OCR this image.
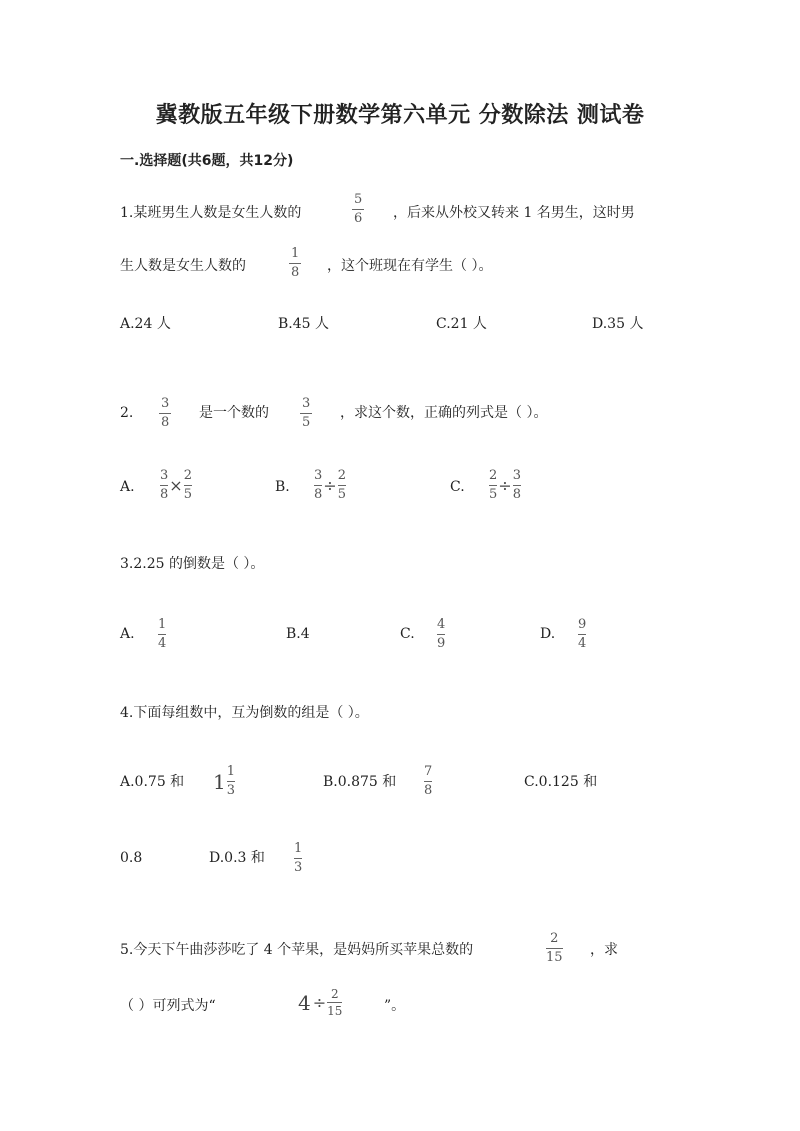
冀教版五年级下册数学第六单元 分数除法 测试卷
一.选择题(共6题，共12分)
1.某班男生人数是女生人数的	$\frac{5}{6}$ ，后来从外校又转来 1 名男生，这时男
生人数是女生人数的	$\frac{1}{8}$ ，这个班现在有学生（ ）。
A.24 人	B.45 人	C.21 人	D.35 人
2. $\frac{3}{8}$ 是一个数的 $\frac{3}{5}$ ，求这个数，正确的列式是（ ）。
A. $\frac{3}{8} \times \frac{2}{5}$	B. $\frac{3}{8} \div \frac{2}{5}$	C. $\frac{2}{5} \div \frac{3}{8}$
3.2.25 的倒数是（ ）。
A. $\frac{1}{4}$	B.4	C. $\frac{4}{9}$	D. $\frac{9}{4}$
4.下面每组数中，互为倒数的组是（ ）。
A.0.75 和 $1 \frac{1}{3}$	B.0.875 和 $\frac{7}{8}$	C.0.125 和
0.8	D.0.3 和 $\frac{1}{3}$
5.今天下午曲莎莎吃了 4 个苹果，是妈妈所买苹果总数的	$\frac{2}{15}$ ，求
（ ）可列式为“	$4 \div \frac{2}{15}$	”。
